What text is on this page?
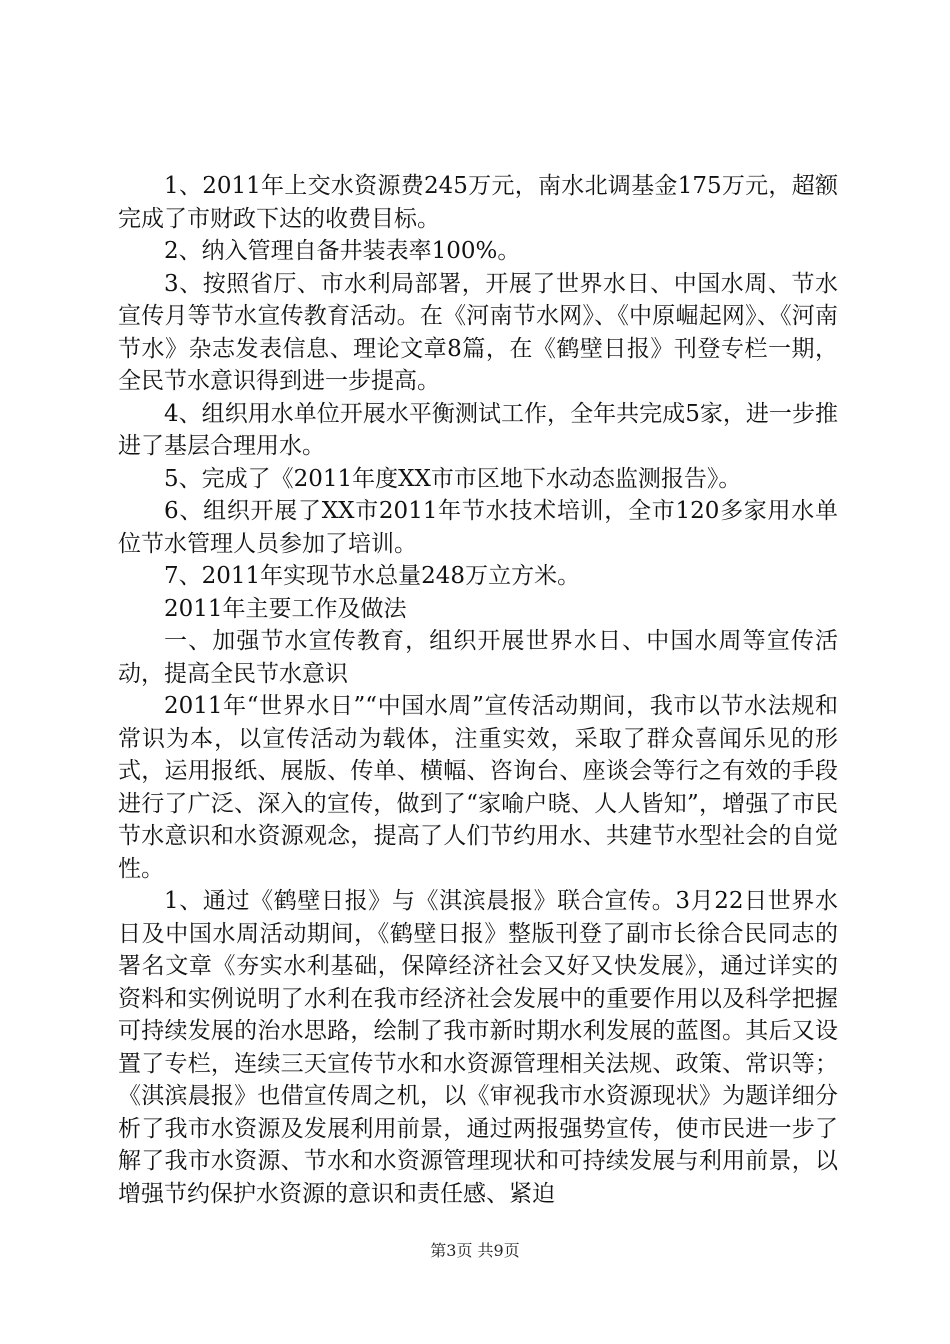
1、2011年上交水资源费245万元，南水北调基金175万元，超额完成了市财政下达的收费目标。

2、纳入管理自备井装表率100%。

3、按照省厅、市水利局部署，开展了世界水日、中国水周、节水宣传月等节水宣传教育活动。在《河南节水网》、《中原崛起网》、《河南节水》杂志发表信息、理论文章8篇，在《鹤壁日报》刊登专栏一期，全民节水意识得到进一步提高。

4、组织用水单位开展水平衡测试工作，全年共完成5家，进一步推进了基层合理用水。

5、完成了《2011年度XX市市区地下水动态监测报告》。

6、组织开展了XX市2011年节水技术培训，全市120多家用水单位节水管理人员参加了培训。

7、2011年实现节水总量248万立方米。

2011年主要工作及做法

一、加强节水宣传教育，组织开展世界水日、中国水周等宣传活动，提高全民节水意识

2011年“世界水日”“中国水周”宣传活动期间，我市以节水法规和常识为本，以宣传活动为载体，注重实效，采取了群众喜闻乐见的形式，运用报纸、展版、传单、横幅、咨询台、座谈会等行之有效的手段进行了广泛、深入的宣传，做到了“家喻户晓、人人皆知”，增强了市民节水意识和水资源观念，提高了人们节约用水、共建节水型社会的自觉性。

1、通过《鹤壁日报》与《淇滨晨报》联合宣传。3月22日世界水日及中国水周活动期间，《鹤壁日报》整版刊登了副市长徐合民同志的署名文章《夯实水利基础，保障经济社会又好又快发展》，通过详实的资料和实例说明了水利在我市经济社会发展中的重要作用以及科学把握可持续发展的治水思路，绘制了我市新时期水利发展的蓝图。其后又设置了专栏，连续三天宣传节水和水资源管理相关法规、政策、常识等；《淇滨晨报》也借宣传周之机，以《审视我市水资源现状》为题详细分析了我市水资源及发展利用前景，通过两报强势宣传，使市民进一步了解了我市水资源、节水和水资源管理现状和可持续发展与利用前景，以增强节约保护水资源的意识和责任感、紧迫

第3页 共9页
